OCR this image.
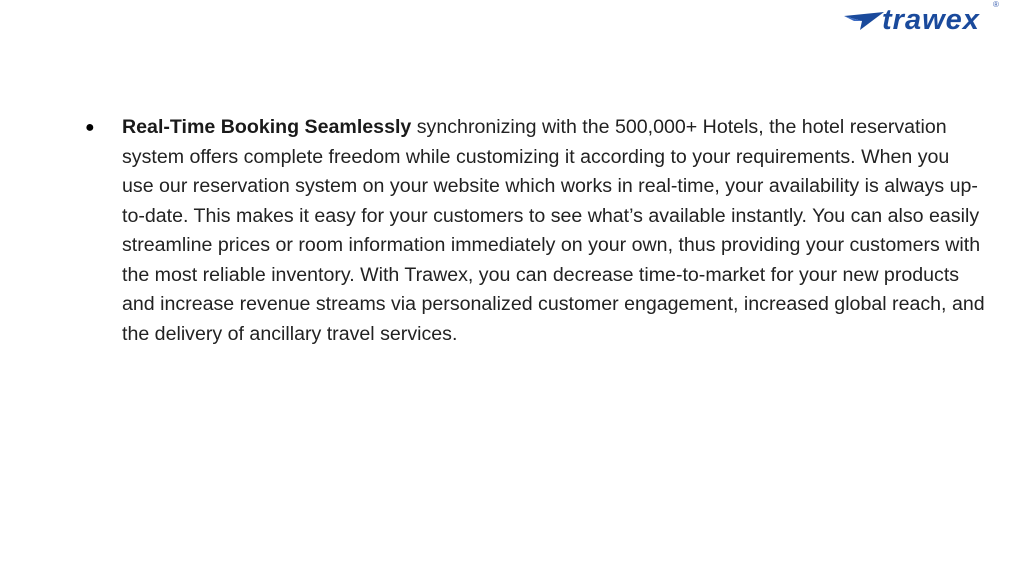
trawex ®
● Real-Time Booking Seamlessly synchronizing with the 500,000+ Hotels, the hotel reservation system offers complete freedom while customizing it according to your requirements. When you use our reservation system on your website which works in real-time, your availability is always up-to-date. This makes it easy for your customers to see what’s available instantly. You can also easily streamline prices or room information immediately on your own, thus providing your customers with the most reliable inventory. With Trawex, you can decrease time-to-market for your new products and increase revenue streams via personalized customer engagement, increased global reach, and the delivery of ancillary travel services.
